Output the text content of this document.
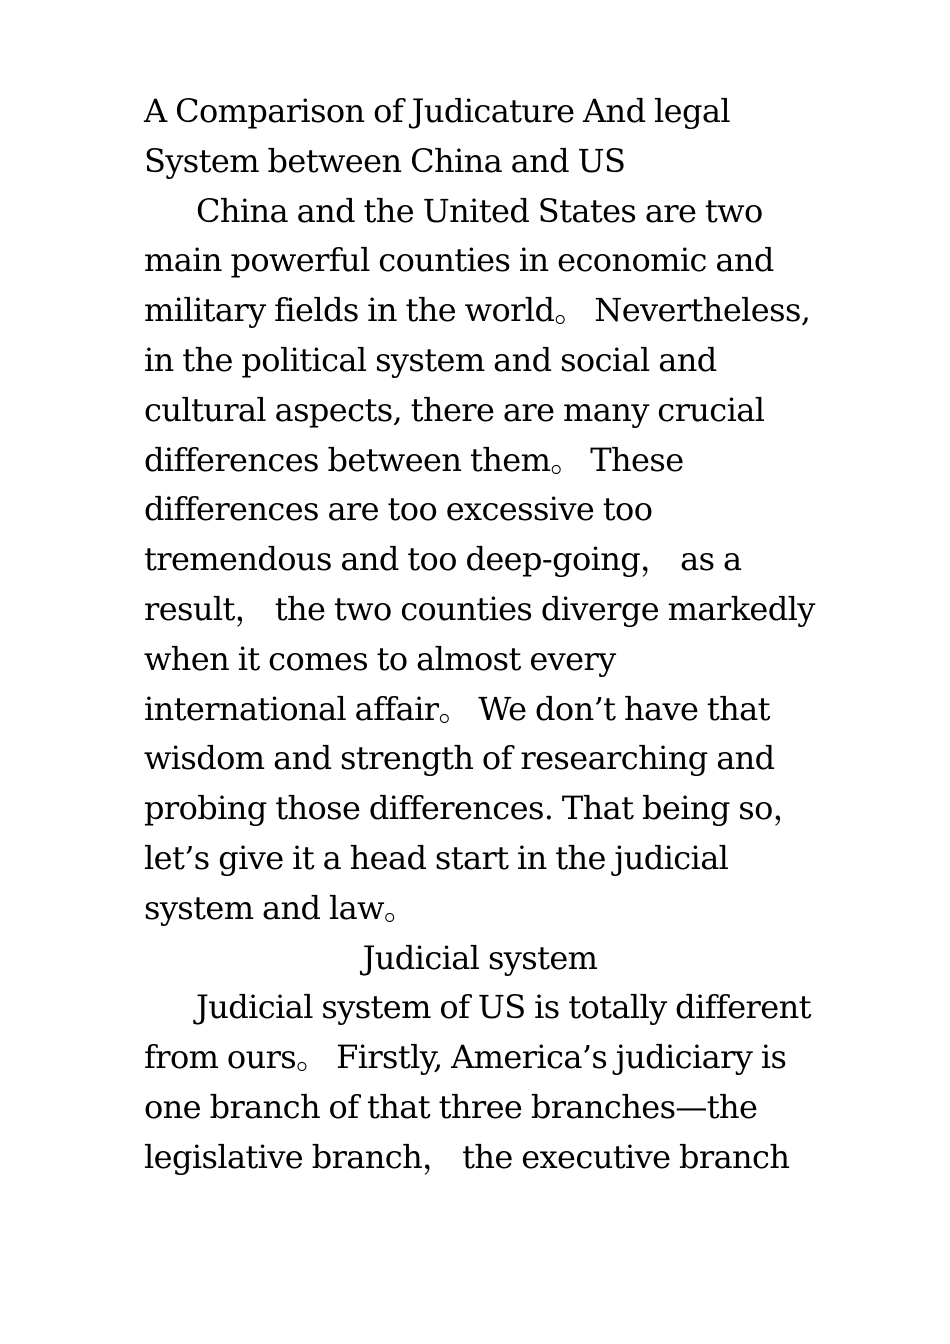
A Comparison of Judicature And legal
System between China and US
China and the United States are two
main powerful counties in economic and
military fields in the world。 Nevertheless,
in the political system and social and
cultural aspects, there are many crucial
differences between them。 These
differences are too excessive too
tremendous and too deep-going， as a
result， the two counties diverge markedly
when it comes to almost every
international affair。 We don’t have that
wisdom and strength of researching and
probing those differences. That being so，
let’s give it a head start in the judicial
system and law。
Judicial system
Judicial system of US is totally different
from ours。 Firstly, America’s judiciary is
one branch of that three branches—the
legislative branch， the executive branch
